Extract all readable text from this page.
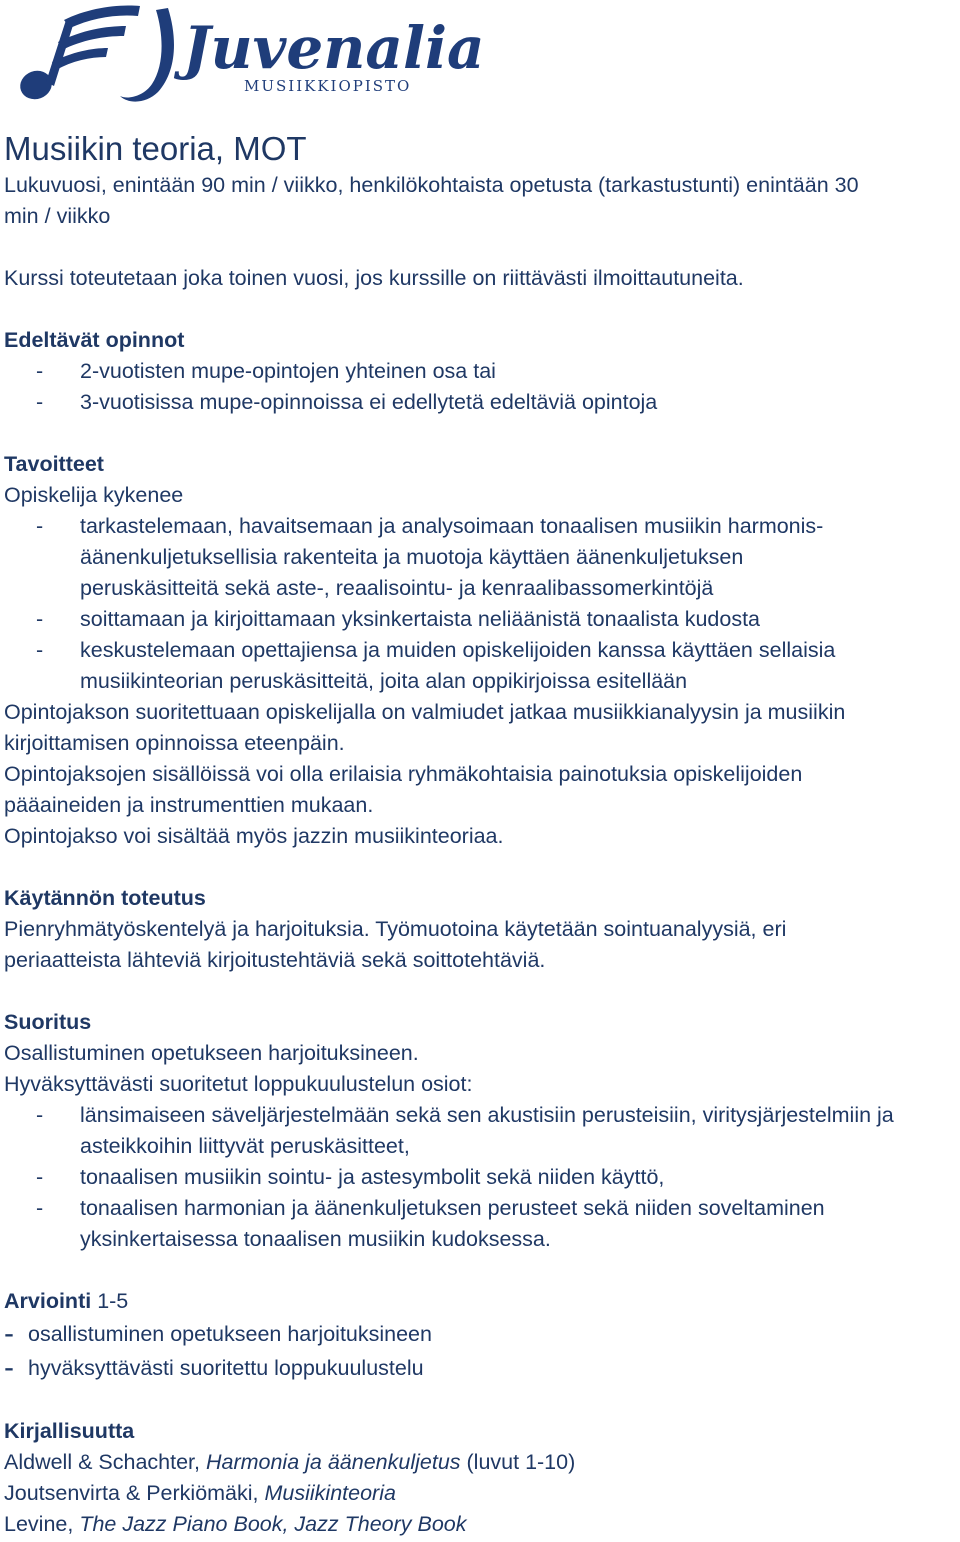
Juvenalia
MUSIIKKIOPISTO
Musiikin teoria, MOT

Lukuvuosi, enintään 90 min / viikko, henkilökohtaista opetusta (tarkastustunti) enintään 30

min / viikko

Kurssi toteutetaan joka toinen vuosi, jos kurssille on riittävästi ilmoittautuneita.

Edeltävät opinnot

-	2-vuotisten mupe-opintojen yhteinen osa tai
-	3-vuotisissa mupe-opinnoissa ei edellytetä edeltäviä opintoja

Tavoitteet

Opiskelija kykenee

-	tarkastelemaan, havaitsemaan ja analysoimaan tonaalisen musiikin harmonis-
äänenkuljetuksellisia rakenteita ja muotoja käyttäen äänenkuljetuksen
peruskäsitteitä sekä aste-, reaalisointu- ja kenraalibassomerkintöjä
-	soittamaan ja kirjoittamaan yksinkertaista neliäänistä tonaalista kudosta
-	keskustelemaan opettajiensa ja muiden opiskelijoiden kanssa käyttäen sellaisia
musiikinteorian peruskäsitteitä, joita alan oppikirjoissa esitellään

Opintojakson suoritettuaan opiskelijalla on valmiudet jatkaa musiikkianalyysin ja musiikin

kirjoittamisen opinnoissa eteenpäin.

Opintojaksojen sisällöissä voi olla erilaisia ryhmäkohtaisia painotuksia opiskelijoiden

pääaineiden ja instrumenttien mukaan.

Opintojakso voi sisältää myös jazzin musiikinteoriaa.

Käytännön toteutus

Pienryhmätyöskentelyä ja harjoituksia. Työmuotoina käytetään sointuanalyysiä, eri

periaatteista lähteviä kirjoitustehtäviä sekä soittotehtäviä.

Suoritus

Osallistuminen opetukseen harjoituksineen.

Hyväksyttävästi suoritetut loppukuulustelun osiot:

-	länsimaiseen säveljärjestelmään sekä sen akustisiin perusteisiin, viritysjärjestelmiin ja
asteikkoihin liittyvät peruskäsitteet,
-	tonaalisen musiikin sointu- ja astesymbolit sekä niiden käyttö,
-	tonaalisen harmonian ja äänenkuljetuksen perusteet sekä niiden soveltaminen
yksinkertaisessa tonaalisen musiikin kudoksessa.

Arviointi 1-5

- osallistuminen opetukseen harjoituksineen
- hyväksyttävästi suoritettu loppukuulustelu

Kirjallisuutta

Aldwell & Schachter, Harmonia ja äänenkuljetus (luvut 1-10)

Joutsenvirta & Perkiömäki, Musiikinteoria

Levine, The Jazz Piano Book, Jazz Theory Book
